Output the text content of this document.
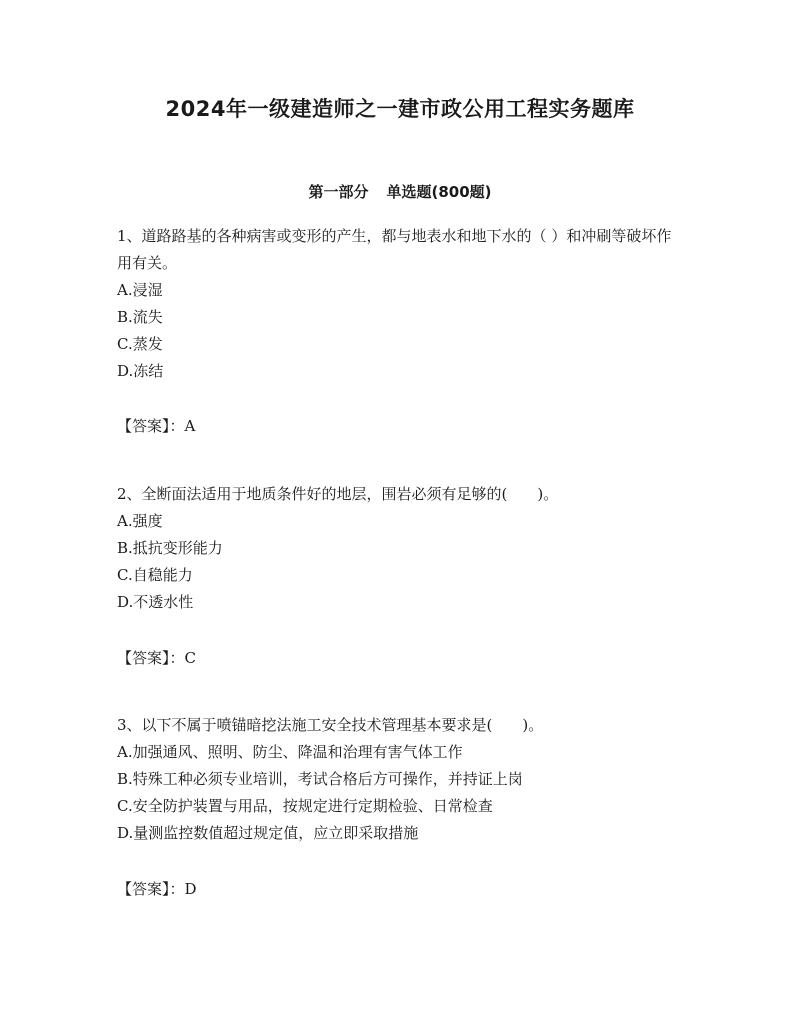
2024年一级建造师之一建市政公用工程实务题库
第一部分 单选题(800题)

1、道路路基的各种病害或变形的产生，都与地表水和地下水的（ ）和冲刷等破坏作用有关。

A.浸湿

B.流失

C.蒸发

D.冻结

【答案】：A

2、全断面法适用于地质条件好的地层，围岩必须有足够的(　　)。

A.强度

B.抵抗变形能力

C.自稳能力

D.不透水性

【答案】：C

3、以下不属于喷锚暗挖法施工安全技术管理基本要求是(　　)。

A.加强通风、照明、防尘、降温和治理有害气体工作

B.特殊工种必须专业培训，考试合格后方可操作，并持证上岗

C.安全防护装置与用品，按规定进行定期检验、日常检查

D.量测监控数值超过规定值，应立即采取措施

【答案】：D
